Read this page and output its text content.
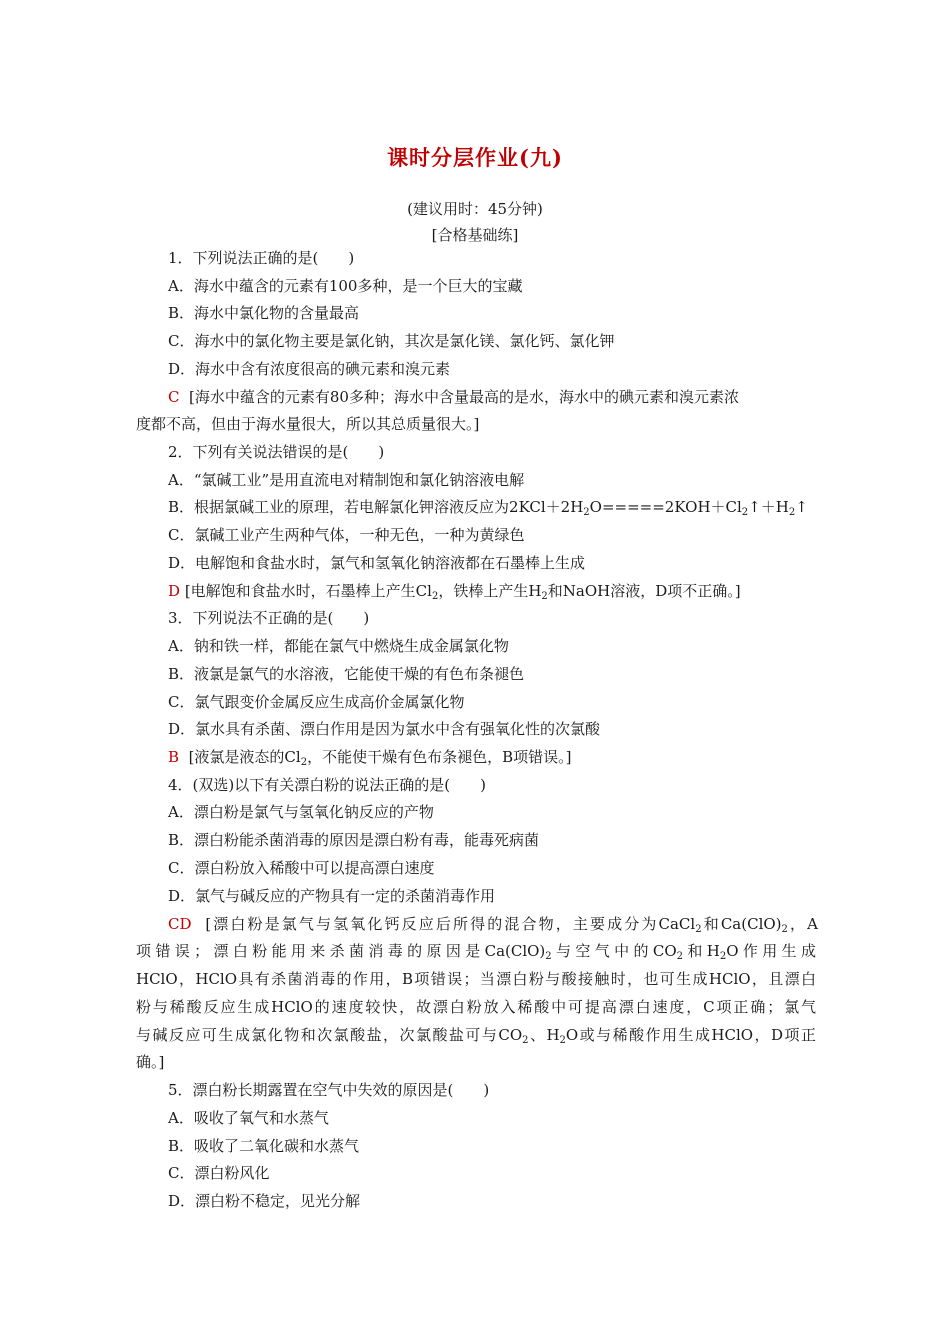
课时分层作业(九)
(建议用时：45分钟)
[合格基础练]
1．下列说法正确的是(　　)
A．海水中蕴含的元素有100多种，是一个巨大的宝藏
B．海水中氯化物的含量最高
C．海水中的氯化物主要是氯化钠，其次是氯化镁、氯化钙、氯化钾
D．海水中含有浓度很高的碘元素和溴元素
C [海水中蕴含的元素有80多种；海水中含量最高的是水，海水中的碘元素和溴元素浓
度都不高，但由于海水量很大，所以其总质量很大。]
2．下列有关说法错误的是(　　)
A．“氯碱工业”是用直流电对精制饱和氯化钠溶液电解
B．根据氯碱工业的原理，若电解氯化钾溶液反应为$2KCl+2H_2O=====2KOH+Cl_2↑+H_2↑$
C．氯碱工业产生两种气体，一种无色，一种为黄绿色
D．电解饱和食盐水时，氯气和氢氧化钠溶液都在石墨棒上生成
D [电解饱和食盐水时，石墨棒上产生$Cl_2$，铁棒上产生$H_2$和NaOH溶液，D项不正确。]
3．下列说法不正确的是(　　)
A．钠和铁一样，都能在氯气中燃烧生成金属氯化物
B．液氯是氯气的水溶液，它能使干燥的有色布条褪色
C．氯气跟变价金属反应生成高价金属氯化物
D．氯水具有杀菌、漂白作用是因为氯水中含有强氧化性的次氯酸
B [液氯是液态的$Cl_2$，不能使干燥有色布条褪色，B项错误。]
4．(双选)以下有关漂白粉的说法正确的是(　　)
A．漂白粉是氯气与氢氧化钠反应的产物
B．漂白粉能杀菌消毒的原因是漂白粉有毒，能毒死病菌
C．漂白粉放入稀酸中可以提高漂白速度
D．氯气与碱反应的产物具有一定的杀菌消毒作用
CD [漂白粉是氯气与氢氧化钙反应后所得的混合物，主要成分为CaCl$_2$和$Ca(ClO)_2$，A
项错误；漂白粉能用来杀菌消毒的原因是$Ca(ClO)_2$与空气中的$CO_2$和$H_2O$作用生成
HClO，HClO具有杀菌消毒的作用，B项错误；当漂白粉与酸接触时，也可生成HClO，且漂白
粉与稀酸反应生成HClO的速度较快，故漂白粉放入稀酸中可提高漂白速度，C项正确；氯气
与碱反应可生成氯化物和次氯酸盐，次氯酸盐可与$CO_2$、$H_2O$或与稀酸作用生成HClO，D项正
确。]
5．漂白粉长期露置在空气中失效的原因是(　　)
A．吸收了氧气和水蒸气
B．吸收了二氧化碳和水蒸气
C．漂白粉风化
D．漂白粉不稳定，见光分解
